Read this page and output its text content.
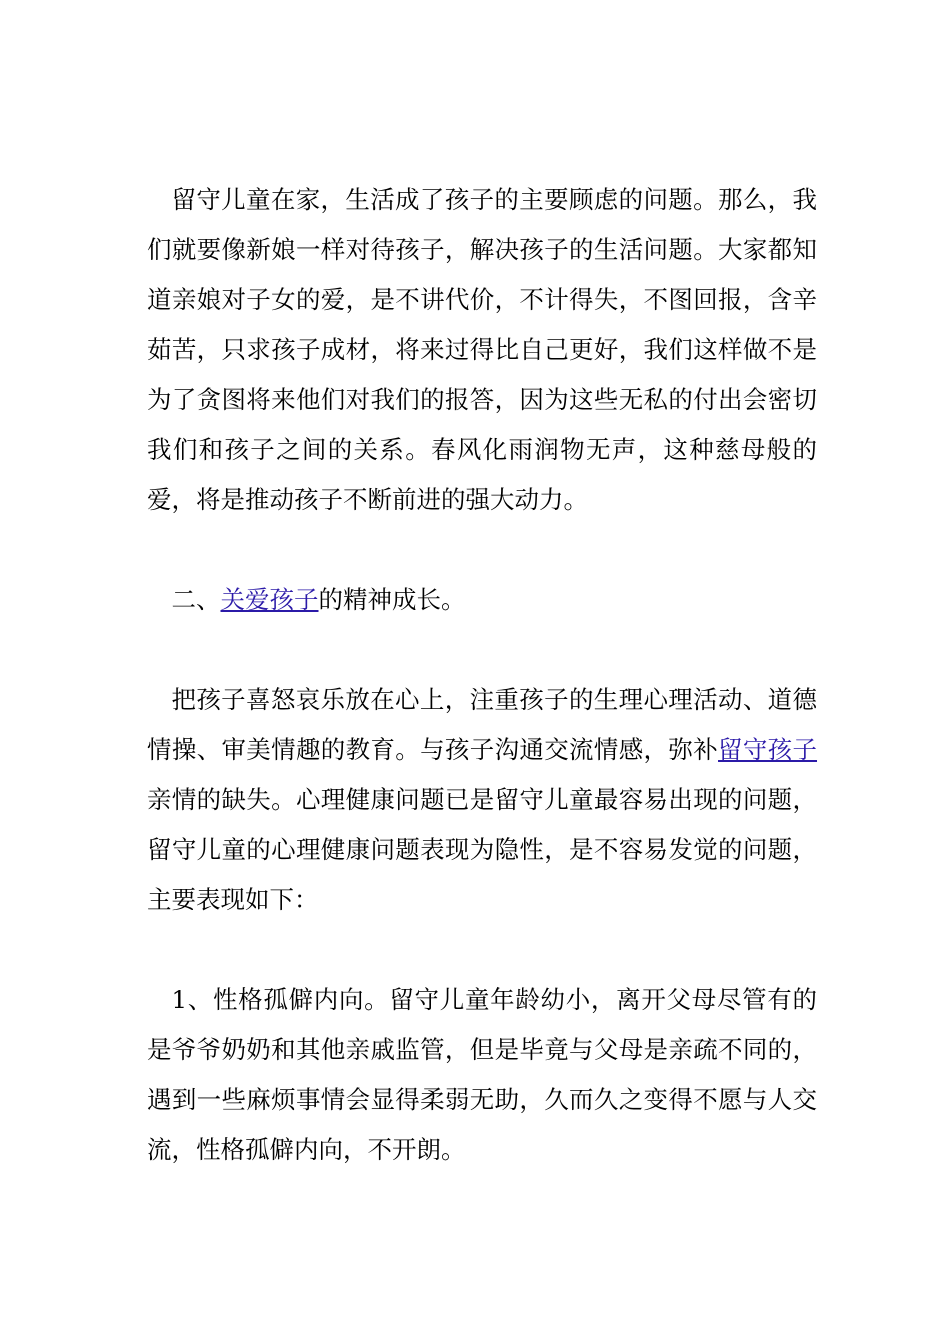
留守儿童在家，生活成了孩子的主要顾虑的问题。那么，我们就要像新娘一样对待孩子，解决孩子的生活问题。大家都知道亲娘对子女的爱，是不讲代价，不计得失，不图回报，含辛茹苦，只求孩子成材，将来过得比自己更好，我们这样做不是为了贪图将来他们对我们的报答，因为这些无私的付出会密切我们和孩子之间的关系。春风化雨润物无声，这种慈母般的爱，将是推动孩子不断前进的强大动力。

二、关爱孩子的精神成长。

把孩子喜怒哀乐放在心上，注重孩子的生理心理活动、道德情操、审美情趣的教育。与孩子沟通交流情感，弥补留守孩子亲情的缺失。心理健康问题已是留守儿童最容易出现的问题，留守儿童的心理健康问题表现为隐性，是不容易发觉的问题，主要表现如下：

1、性格孤僻内向。留守儿童年龄幼小，离开父母尽管有的是爷爷奶奶和其他亲戚监管，但是毕竟与父母是亲疏不同的，遇到一些麻烦事情会显得柔弱无助，久而久之变得不愿与人交流，性格孤僻内向，不开朗。
